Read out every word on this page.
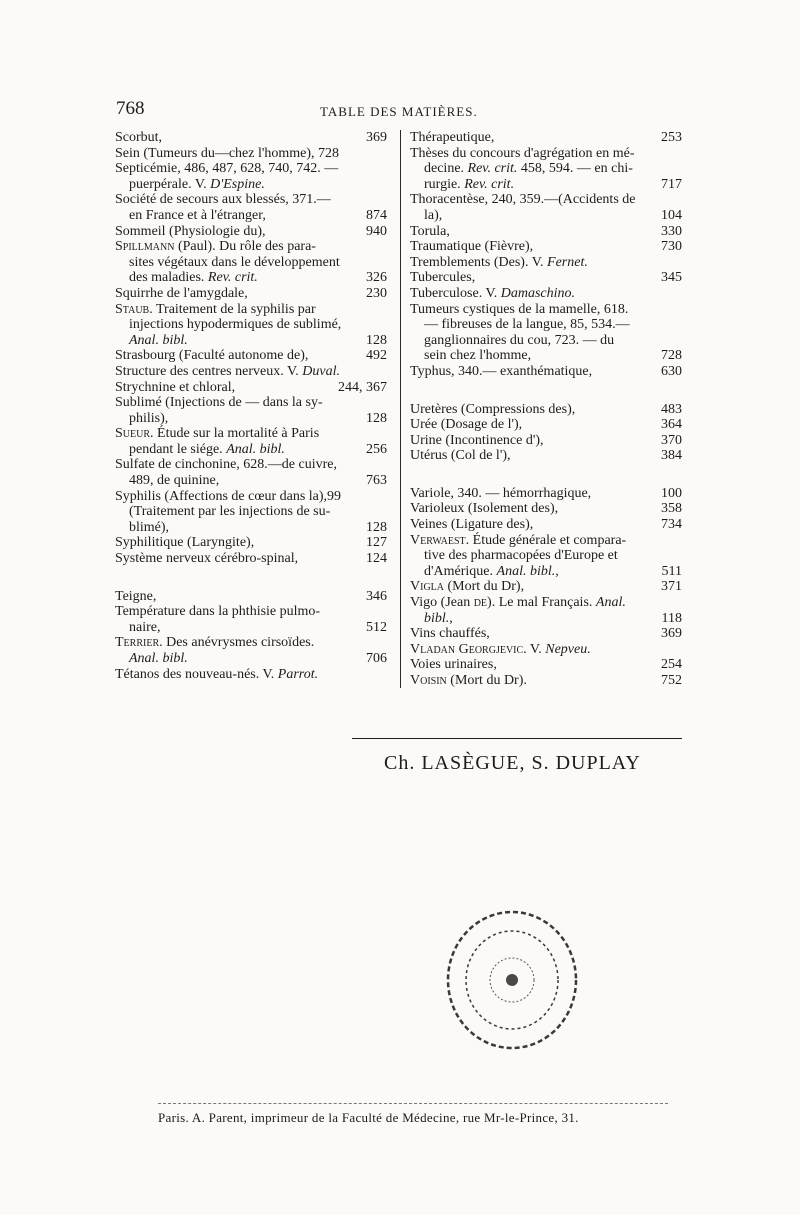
768	TABLE DES MATIÈRES.
369
Scorbut,
Sein (Tumeurs du—chez l'homme), 728
Septicémie, 486, 487, 628, 740, 742. —
puerpérale. V. D'Espine.
Société de secours aux blessés, 371.—
874
en France et à l'étranger,
940
Sommeil (Physiologie du),
Spillmann (Paul). Du rôle des para-
sites végétaux dans le développement
326
des maladies. Rev. crit.
230
Squirrhe de l'amygdale,
Staub. Traitement de la syphilis par
injections hypodermiques de sublimé,
128
Anal. bibl.
492
Strasbourg (Faculté autonome de),
Structure des centres nerveux. V. Duval.
244, 367
Strychnine et chloral,
Sublimé (Injections de — dans la sy-
128
philis),
Sueur. Étude sur la mortalité à Paris
256
pendant le siége. Anal. bibl.
Sulfate de cinchonine, 628.—de cuivre,
763
489, de quinine,
Syphilis (Affections de cœur dans la),99
(Traitement par les injections de su-
128
blimé),
127
Syphilitique (Laryngite),
124
Système nerveux cérébro-spinal,
346
Teigne,
Température dans la phthisie pulmo-
512
naire,
Terrier. Des anévrysmes cirsoïdes.
706
Anal. bibl.
Tétanos des nouveau-nés. V. Parrot.
253
Thérapeutique,
Thèses du concours d'agrégation en mé-
decine. Rev. crit. 458, 594. — en chi-
717
rurgie. Rev. crit.
Thoracentèse, 240, 359.—(Accidents de
104
la),
330
Torula,
730
Traumatique (Fièvre),
Tremblements (Des). V. Fernet.
345
Tubercules,
Tuberculose. V. Damaschino.
Tumeurs cystiques de la mamelle, 618.
— fibreuses de la langue, 85, 534.—
ganglionnaires du cou, 723. — du
728
sein chez l'homme,
630
Typhus, 340.— exanthématique,
483
Uretères (Compressions des),
364
Urée (Dosage de l'),
370
Urine (Incontinence d'),
384
Utérus (Col de l'),
100
Variole, 340. — hémorrhagique,
358
Varioleux (Isolement des),
734
Veines (Ligature des),
Verwaest. Étude générale et compara-
tive des pharmacopées d'Europe et
511
d'Amérique. Anal. bibl.,
371
Vigla (Mort du Dr),
Vigo (Jean de). Le mal Français. Anal.
118
bibl.,
369
Vins chauffés,
Vladan Georgjevic. V. Nepveu.
254
Voies urinaires,
752
Voisin (Mort du Dr).
Ch. LASÈGUE, S. DUPLAY
Paris. A. Parent, imprimeur de la Faculté de Médecine, rue Mr-le-Prince, 31.
